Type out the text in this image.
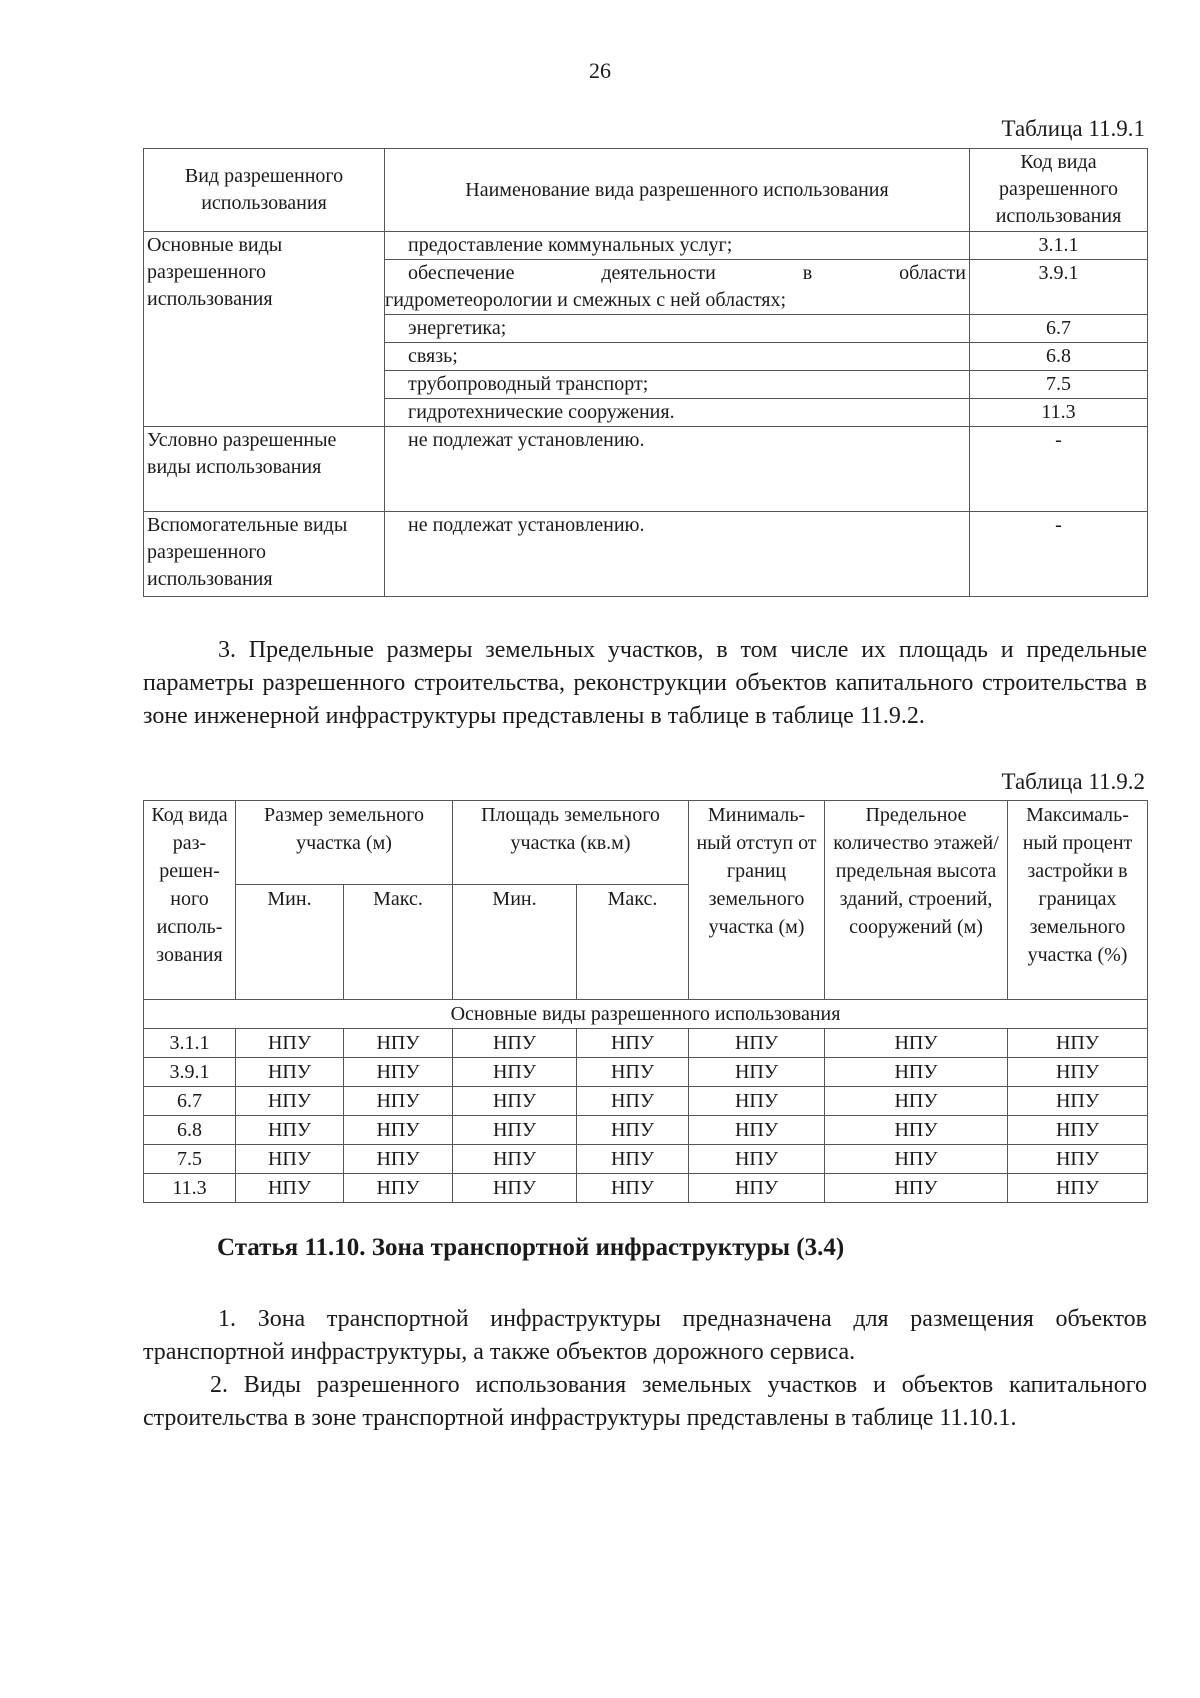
26
Таблица 11.9.1
Вид разрешенного использования	Наименование вида разрешенного использования	Код вида разрешенного использования
Основные виды разрешенного использования	предоставление коммунальных услуг;	3.1.1

	обеспечение деятельности в области
гидрометеорологии и смежных с ней областях;	3.9.1
	энергетика;	6.7
	связь;	6.8
	трубопроводный транспорт;	7.5
	гидротехнические сооружения.	11.3
Условно разрешенные виды использования	не подлежат установлению.	-
Вспомогательные виды разрешенного использования	не подлежат установлению.	-

3. Предельные размеры земельных участков, в том числе их площадь и предельные параметры разрешенного строительства, реконструкции объектов капитального строительства в зоне инженерной инфраструктуры представлены в таблице в таблице 11.9.2.

Таблица 11.9.2
Код вида раз-решен-ного исполь-зования	Размер земельного участка (м)		Площадь земельного участка (кв.м)		Минималь-ный отступ от границ земельного участка (м)	Предельное количество этажей/ предельная высота зданий, строений, сооружений (м)	Максималь-ный процент застройки в границах земельного участка (%)
	Мин.	Макс.	Мин.	Макс.			
Основные виды разрешенного использования							
3.1.1	НПУ	НПУ	НПУ	НПУ	НПУ	НПУ	НПУ
3.9.1	НПУ	НПУ	НПУ	НПУ	НПУ	НПУ	НПУ
6.7	НПУ	НПУ	НПУ	НПУ	НПУ	НПУ	НПУ
6.8	НПУ	НПУ	НПУ	НПУ	НПУ	НПУ	НПУ
7.5	НПУ	НПУ	НПУ	НПУ	НПУ	НПУ	НПУ
11.3	НПУ	НПУ	НПУ	НПУ	НПУ	НПУ	НПУ
Статья 11.10. Зона транспортной инфраструктуры (3.4)

1. Зона транспортной инфраструктуры предназначена для размещения объектов транспортной инфраструктуры, а также объектов дорожного сервиса.

2. Виды разрешенного использования земельных участков и объектов капитального строительства в зоне транспортной инфраструктуры представлены в таблице 11.10.1.
